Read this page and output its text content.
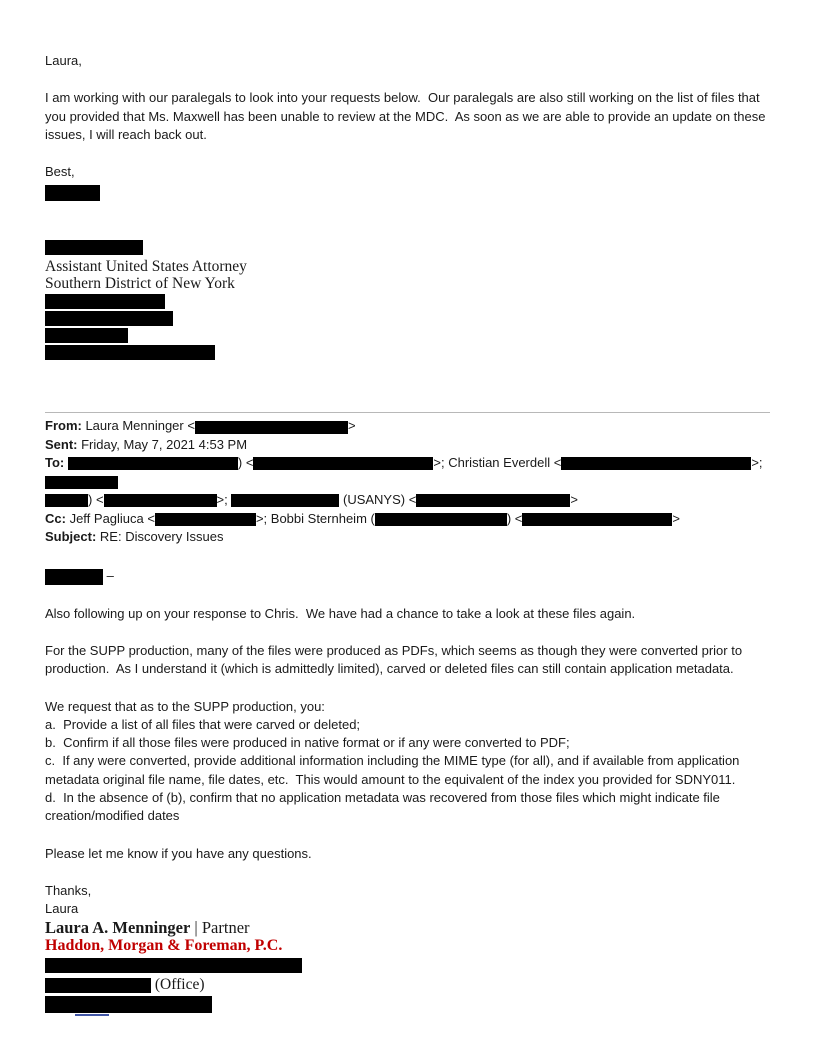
Laura,
I am working with our paralegals to look into your requests below.  Our paralegals are also still working on the list of files that you provided that Ms. Maxwell has been unable to review at the MDC.  As soon as we are able to provide an update on these issues, I will reach back out.
Best,
Assistant United States Attorney
Southern District of New York
From: Laura Menninger <	>
Sent: Friday, May 7, 2021 4:53 PM
To:	) <	>; Christian Everdell <	>;
) <	>;	(USANYS) <	>
Cc: Jeff Pagliuca <	>; Bobbi Sternheim (	) <	>
Subject: RE: Discovery Issues
–
Also following up on your response to Chris.  We have had a chance to take a look at these files again.
For the SUPP production, many of the files were produced as PDFs, which seems as though they were converted prior to production.  As I understand it (which is admittedly limited), carved or deleted files can still contain application metadata.
We request that as to the SUPP production, you:
a.  Provide a list of all files that were carved or deleted;
b.  Confirm if all those files were produced in native format or if any were converted to PDF;
c.  If any were converted, provide additional information including the MIME type (for all), and if available from application metadata original file name, file dates, etc.  This would amount to the equivalent of the index you provided for SDNY011.
d.  In the absence of (b), confirm that no application metadata was recovered from those files which might indicate file creation/modified dates
Please let me know if you have any questions.
Thanks,
Laura
Laura A. Menninger | Partner
Haddon, Morgan & Foreman, P.C.
(Office)
